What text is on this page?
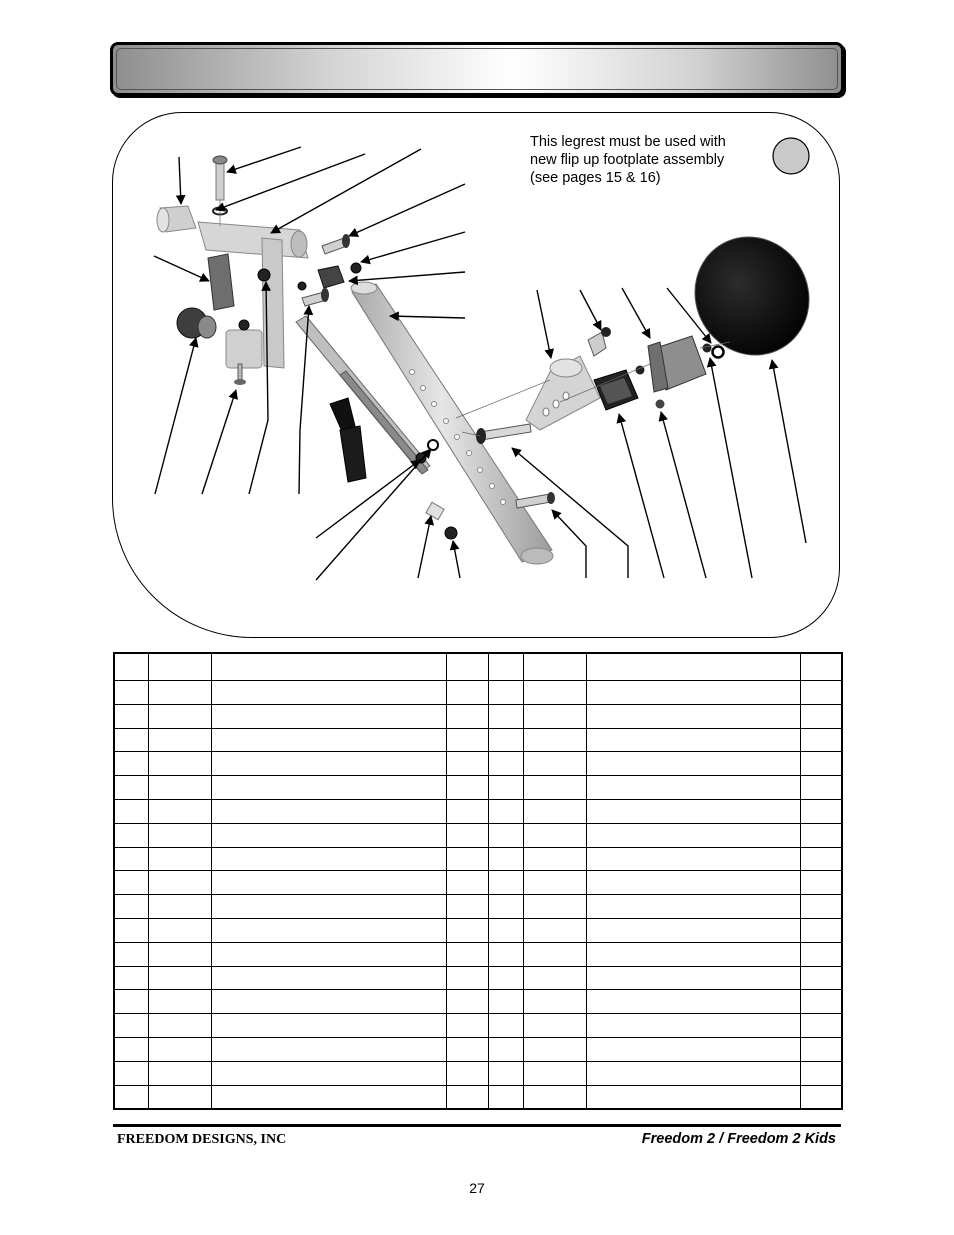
This legrest must be used with
new flip up footplate assembly
(see pages 15 & 16)

FREEDOM DESIGNS, INC	Freedom 2 / Freedom 2 Kids
27
